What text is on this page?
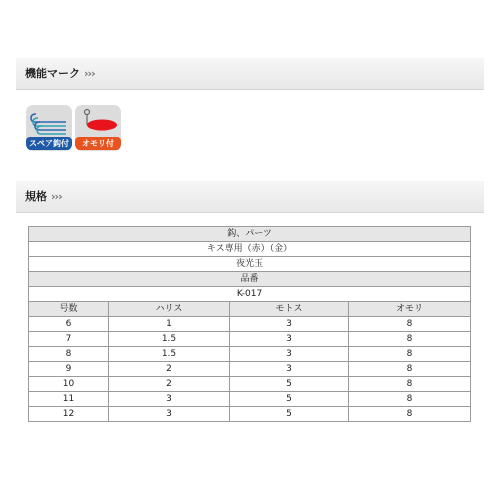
機能マーク ›››
スペア鈎付	オモリ付
規格 ›››
鈎、パーツ			
キス専用（赤）（金）			
夜光玉			
品番			
K-017			
号数	ハリス	モトス	オモリ
6	1	3	8
7	1.5	3	8
8	1.5	3	8
9	2	3	8
10	2	5	8
11	3	5	8
12	3	5	8
